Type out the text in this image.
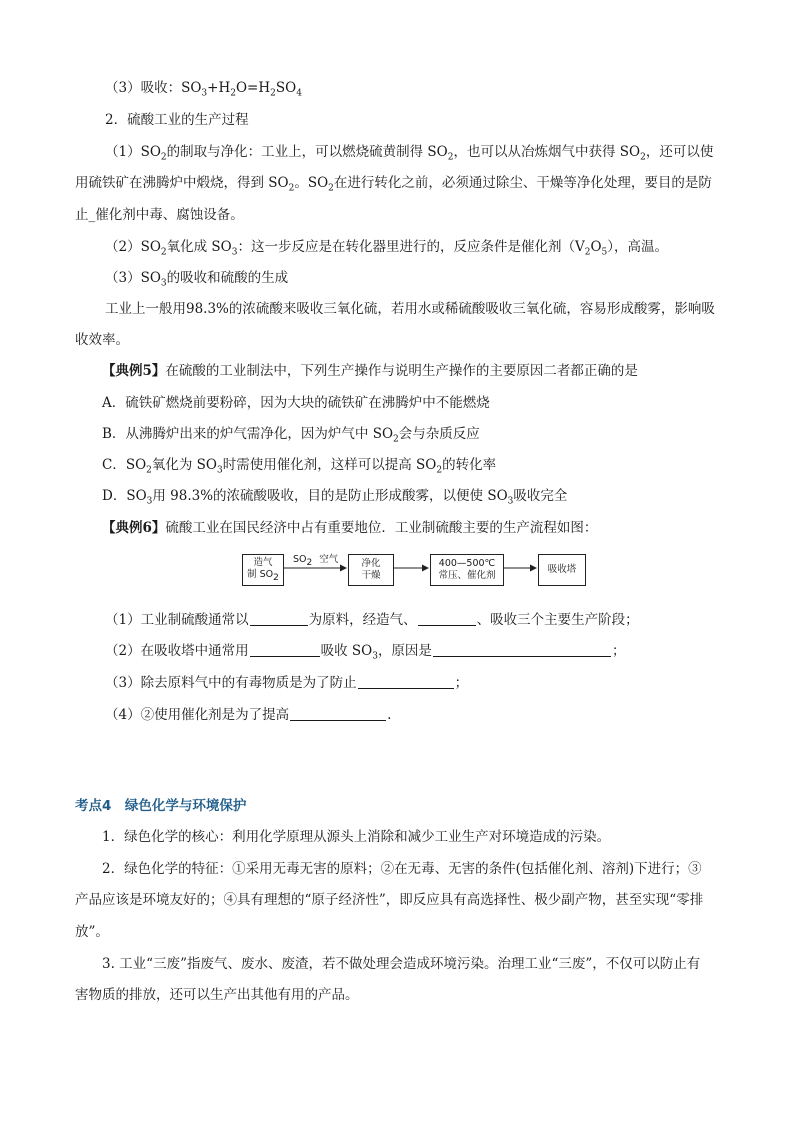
（3）吸收：$SO_3+H_2O=H_2SO_4$
2．硫酸工业的生产过程
$(1)SO_2$的制取与净化：工业上，可以燃烧硫黄制得 $SO_2$，也可以从冶炼烟气中获得 $SO_2$，还可以使
用硫铁矿在沸腾炉中煅烧，得到 $SO_2$。$SO_2$在进行转化之前，必须通过除尘、干燥等净化处理，要目的是防
止_催化剂中毒、腐蚀设备。
$(2)SO_2$氧化成 $SO_3$：这一步反应是在转化器里进行的，反应条件是催化剂$(V_2O_5)$，高温。
$(3)SO_3$的吸收和硫酸的生成
工业上一般用98.3%的浓硫酸来吸收三氧化硫，若用水或稀硫酸吸收三氧化硫，容易形成酸雾，影响吸
收效率。
【典例5】在硫酸的工业制法中，下列生产操作与说明生产操作的主要原因二者都正确的是
A．硫铁矿燃烧前要粉碎，因为大块的硫铁矿在沸腾炉中不能燃烧
B．从沸腾炉出来的炉气需净化，因为炉气中 $SO_2$会与杂质反应
C．$SO_2$氧化为 $SO_3$时需使用催化剂，这样可以提高 $SO_2$的转化率
D．$SO_3$用 98.3%的浓硫酸吸收，目的是防止形成酸雾，以便使 $SO_3$吸收完全
【典例6】硫酸工业在国民经济中占有重要地位．工业制硫酸主要的生产流程如图：
造气
制 $SO_2$
$SO_2$ 空气 净化
干燥
400—500℃
常压、催化剂
吸收塔
（1）工业制硫酸通常以	为原料，经造气、	、吸收三个主要生产阶段；
（2）在吸收塔中通常用	吸收 $SO_3$，原因是	；
（3）除去原料气中的有毒物质是为了防止	；
（4）②使用催化剂是为了提高	.
考点4　绿色化学与环境保护
1．绿色化学的核心：利用化学原理从源头上消除和减少工业生产对环境造成的污染。
2．绿色化学的特征：①采用无毒无害的原料；②在无毒、无害的条件(包括催化剂、溶剂)下进行；③
产品应该是环境友好的；④具有理想的“原子经济性”，即反应具有高选择性、极少副产物，甚至实现“零排
放”。
3. 工业“三废”指废气、废水、废渣，若不做处理会造成环境污染。治理工业“三废”，不仅可以防止有
害物质的排放，还可以生产出其他有用的产品。
